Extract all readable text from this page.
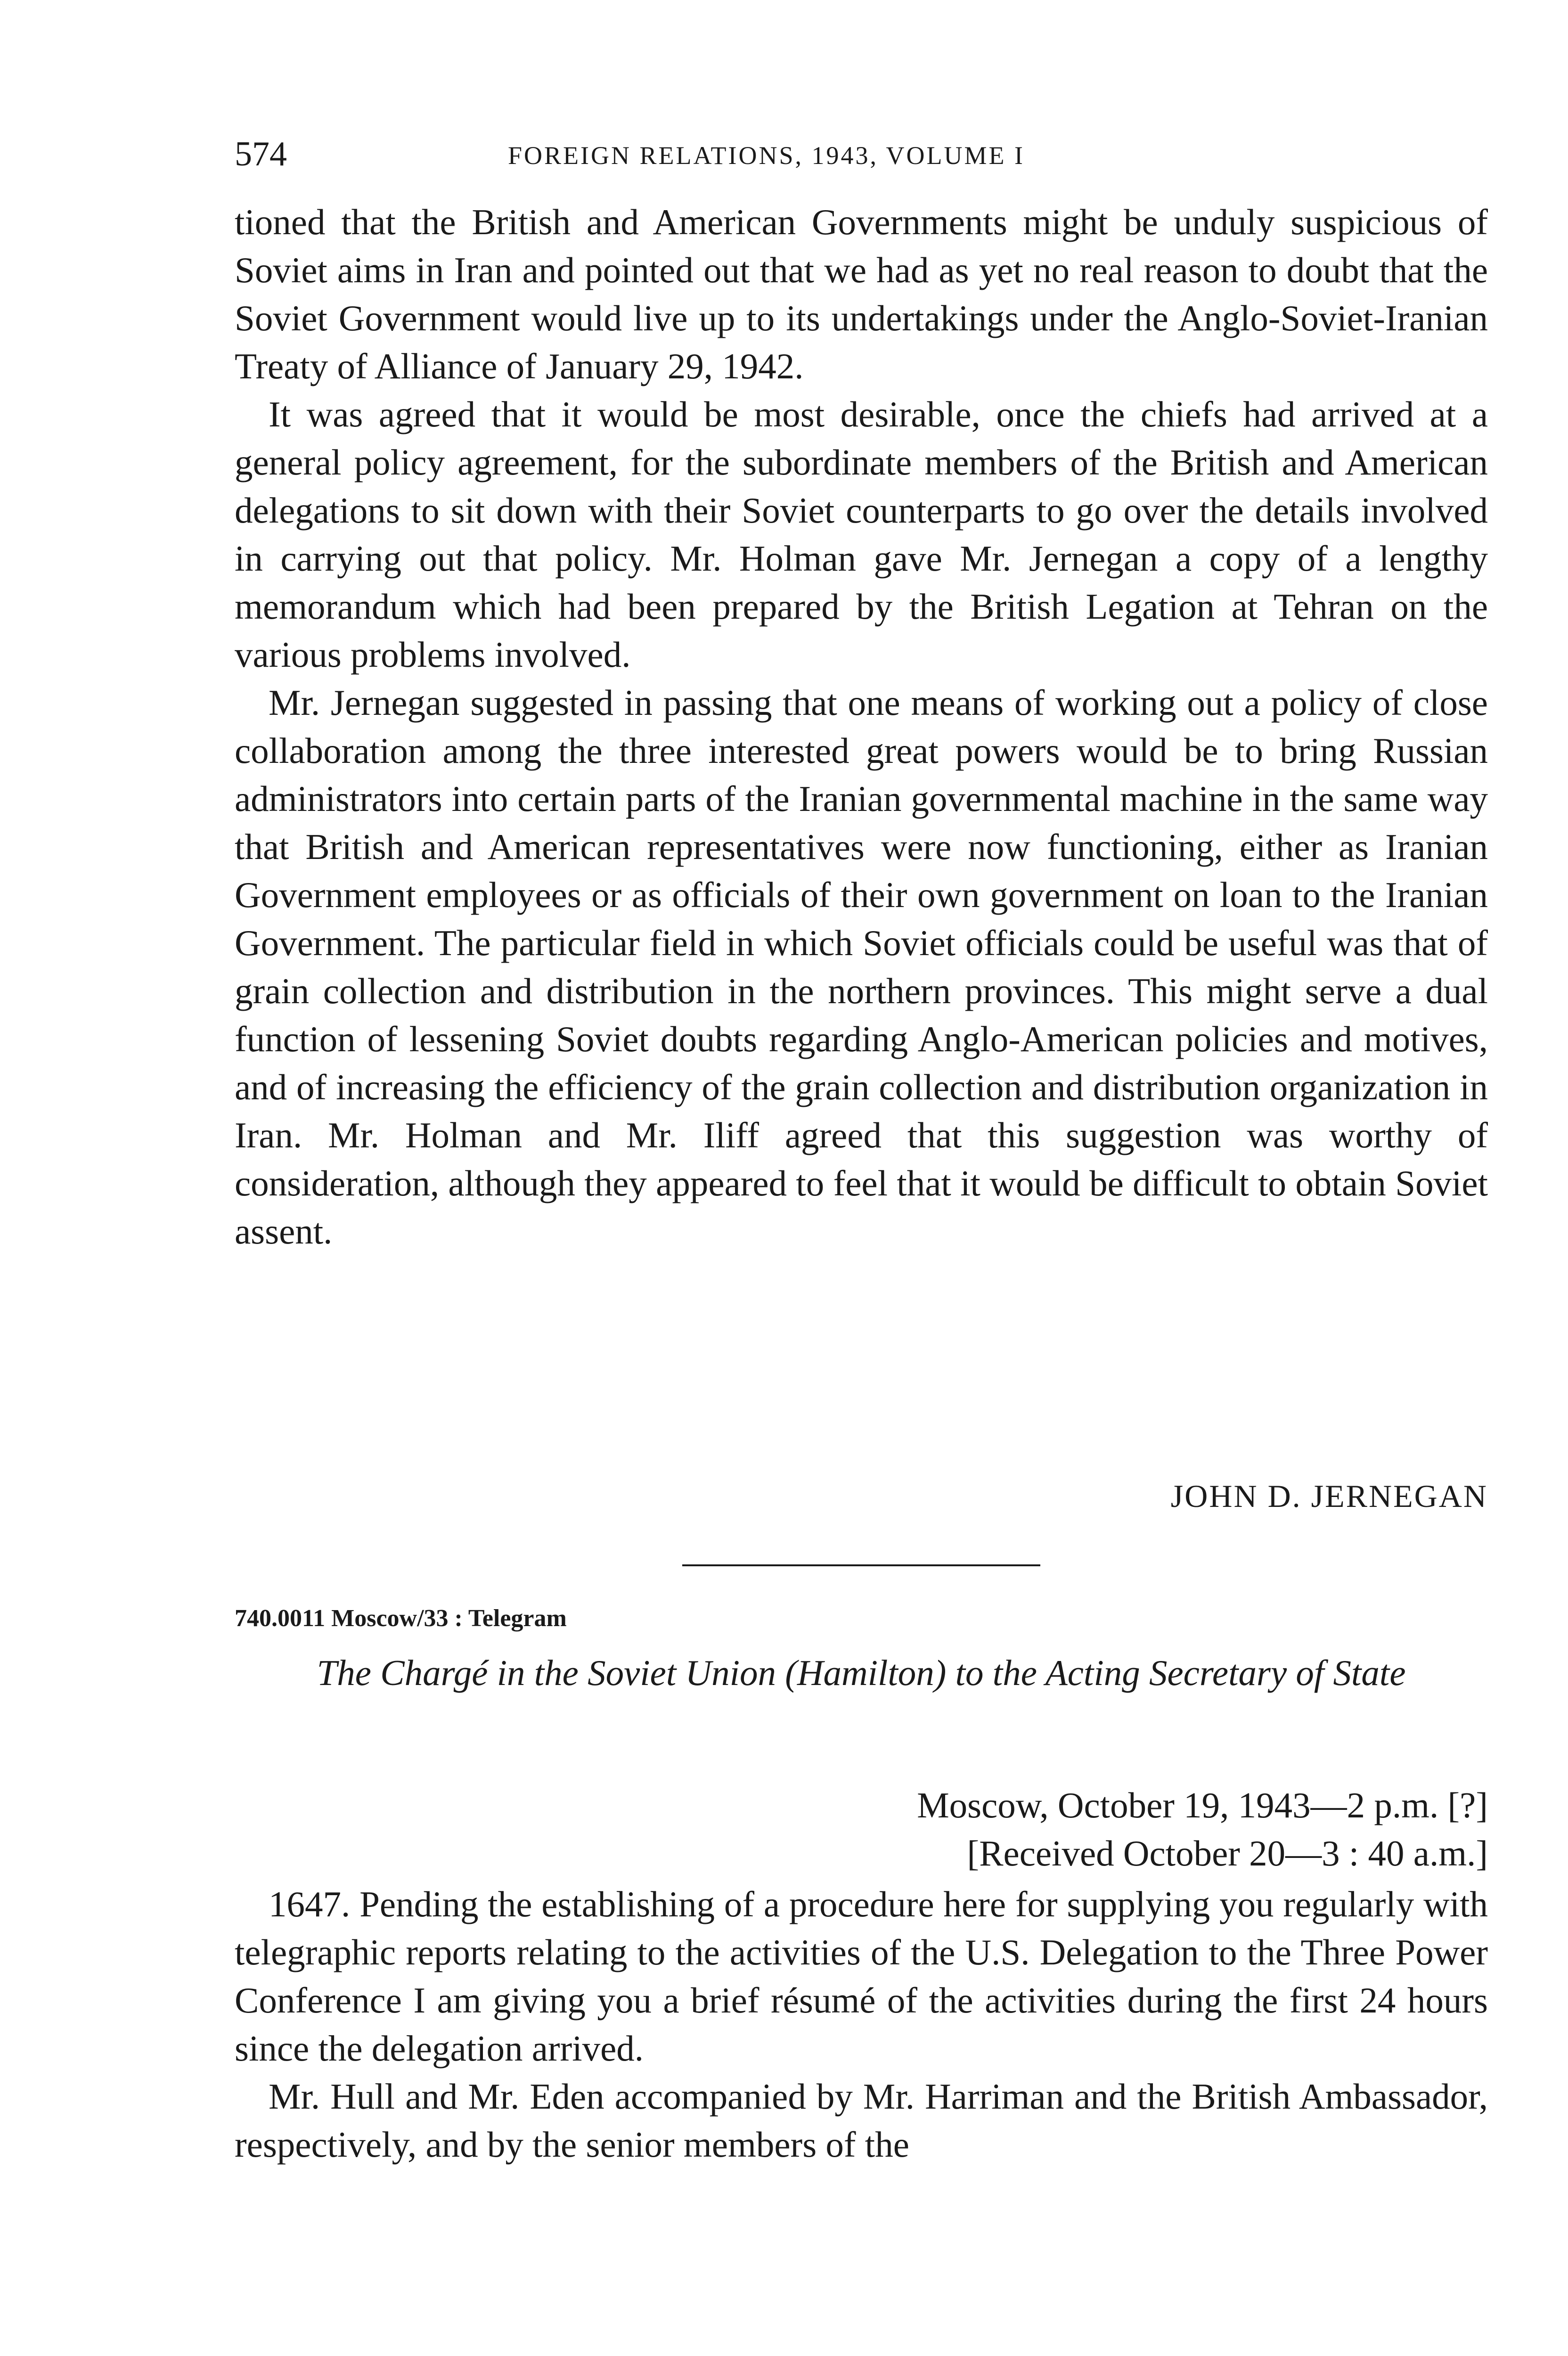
574	FOREIGN RELATIONS, 1943, VOLUME I

tioned that the British and American Governments might be unduly suspicious of Soviet aims in Iran and pointed out that we had as yet no real reason to doubt that the Soviet Government would live up to its undertakings under the Anglo-Soviet-Iranian Treaty of Alliance of January 29, 1942.

It was agreed that it would be most desirable, once the chiefs had arrived at a general policy agreement, for the subordinate members of the British and American delegations to sit down with their Soviet counterparts to go over the details involved in carrying out that policy. Mr. Holman gave Mr. Jernegan a copy of a lengthy memorandum which had been prepared by the British Legation at Tehran on the various problems involved.

Mr. Jernegan suggested in passing that one means of working out a policy of close collaboration among the three interested great powers would be to bring Russian administrators into certain parts of the Iranian governmental machine in the same way that British and American representatives were now functioning, either as Iranian Government employees or as officials of their own government on loan to the Iranian Government. The particular field in which Soviet officials could be useful was that of grain collection and distribution in the northern provinces. This might serve a dual function of lessening Soviet doubts regarding Anglo-American policies and motives, and of increasing the efficiency of the grain collection and distribution organization in Iran. Mr. Holman and Mr. Iliff agreed that this suggestion was worthy of consideration, although they appeared to feel that it would be difficult to obtain Soviet assent.

JOHN D. JERNEGAN
740.0011 Moscow/33 : Telegram
The Chargé in the Soviet Union (Hamilton) to the Acting Secretary of State
Moscow, October 19, 1943—2 p.m. [?]
[Received October 20—3 : 40 a.m.]

1647. Pending the establishing of a procedure here for supplying you regularly with telegraphic reports relating to the activities of the U.S. Delegation to the Three Power Conference I am giving you a brief résumé of the activities during the first 24 hours since the delegation arrived.

Mr. Hull and Mr. Eden accompanied by Mr. Harriman and the British Ambassador, respectively, and by the senior members of the
